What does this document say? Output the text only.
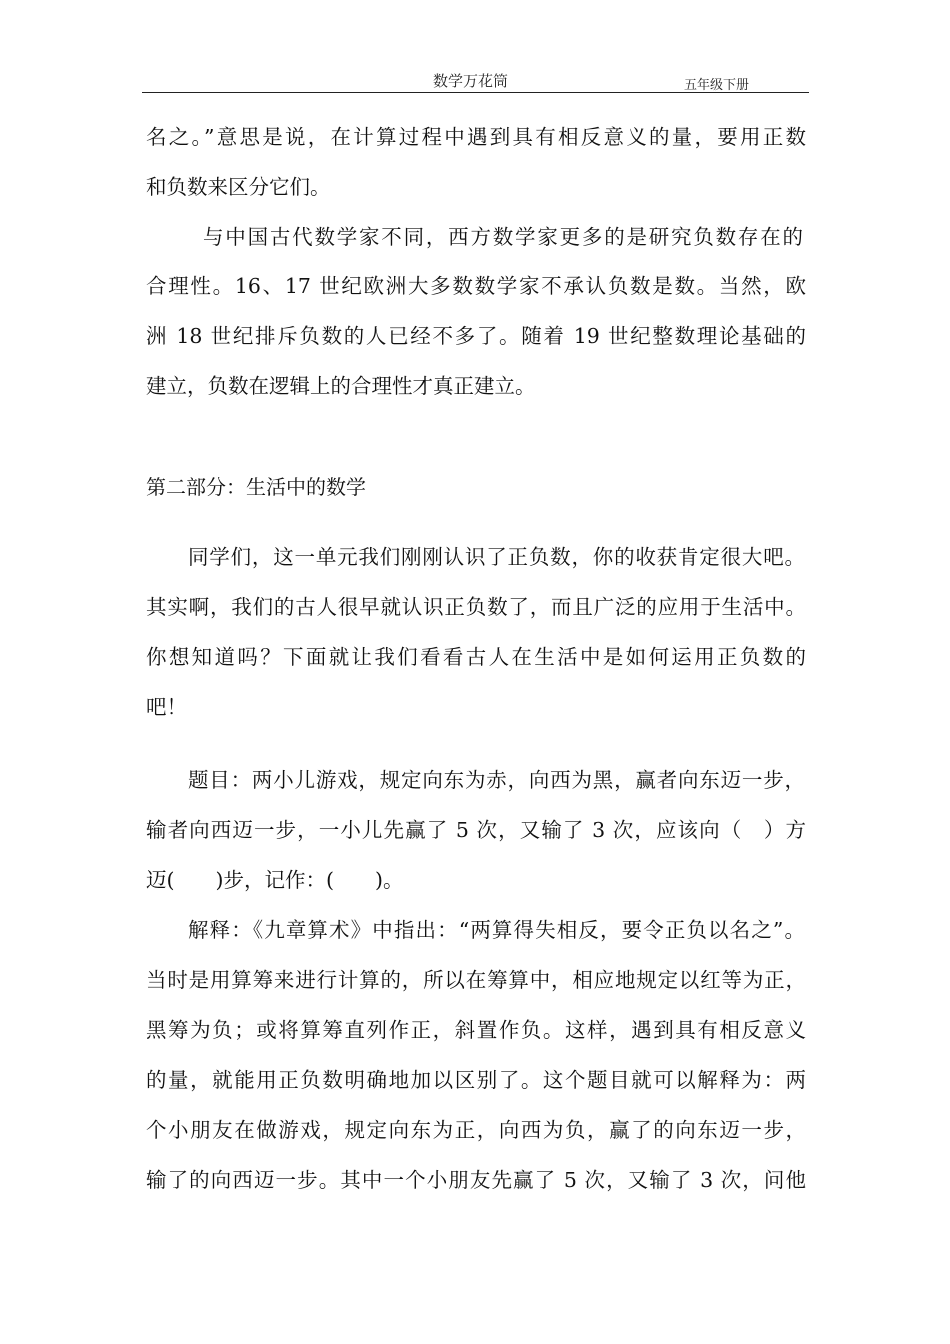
数学万花筒	五年级下册
名之。”意思是说，在计算过程中遇到具有相反意义的量，要用正数
和负数来区分它们。
与中国古代数学家不同，西方数学家更多的是研究负数存在的
合理性。16、17 世纪欧洲大多数数学家不承认负数是数。当然，欧
洲 18 世纪排斥负数的人已经不多了。随着 19 世纪整数理论基础的
建立，负数在逻辑上的合理性才真正建立。
第二部分：生活中的数学
同学们，这一单元我们刚刚认识了正负数，你的收获肯定很大吧。
其实啊，我们的古人很早就认识正负数了，而且广泛的应用于生活中。
你想知道吗？下面就让我们看看古人在生活中是如何运用正负数的
吧！
题目：两小儿游戏，规定向东为赤，向西为黑，赢者向东迈一步，
输者向西迈一步，一小儿先赢了 5 次，又输了 3 次，应该向（　）方
迈(　　)步，记作：(　　)。
解释：《九章算术》中指出：“两算得失相反，要令正负以名之”。
当时是用算筹来进行计算的，所以在筹算中，相应地规定以红等为正，
黑筹为负；或将算筹直列作正，斜置作负。这样，遇到具有相反意义
的量，就能用正负数明确地加以区别了。这个题目就可以解释为：两
个小朋友在做游戏，规定向东为正，向西为负，赢了的向东迈一步，
输了的向西迈一步。其中一个小朋友先赢了 5 次，又输了 3 次，问他
